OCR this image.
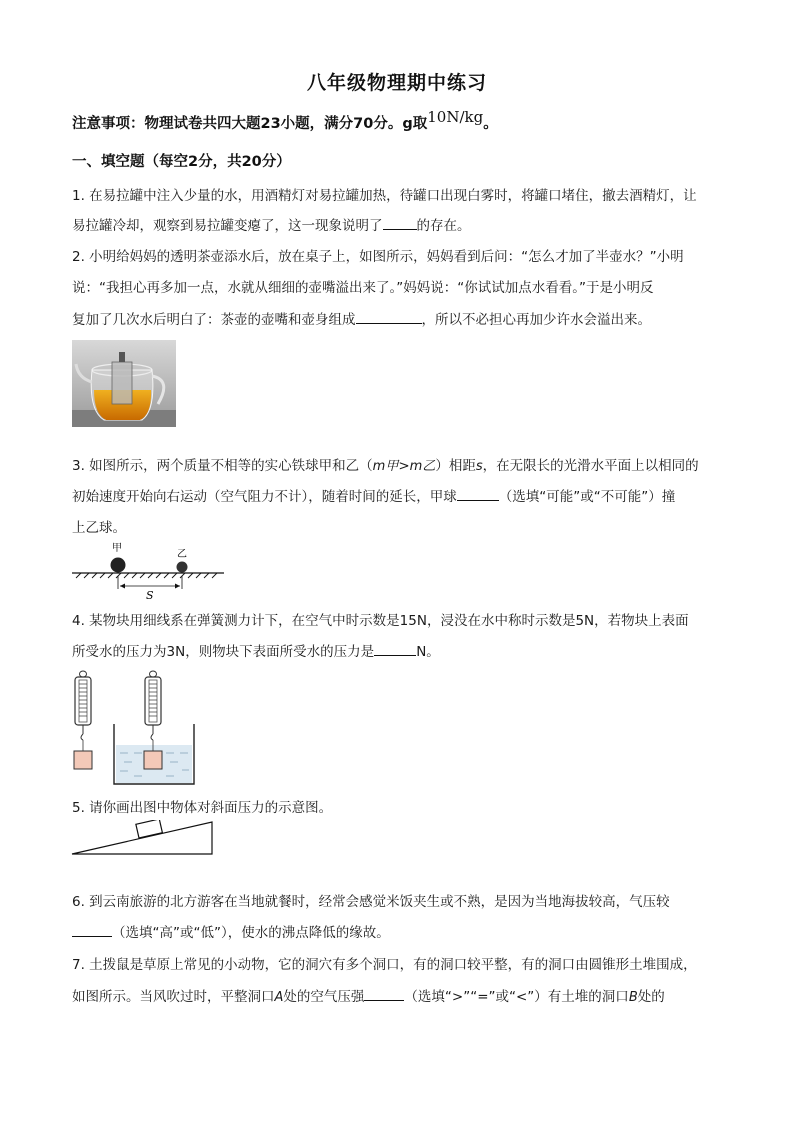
八年级物理期中练习
注意事项：物理试卷共四大题23小题，满分70分。g取10N/kg。
一、填空题（每空2分，共20分）
1. 在易拉罐中注入少量的水，用酒精灯对易拉罐加热，待罐口出现白雾时，将罐口堵住，撤去酒精灯，让
易拉罐冷却，观察到易拉罐变瘪了，这一现象说明了	的存在。
2. 小明给妈妈的透明茶壶添水后，放在桌子上，如图所示，妈妈看到后问：“怎么才加了半壶水？”小明
说：“我担心再多加一点，水就从细细的壶嘴溢出来了。”妈妈说：“你试试加点水看看。”于是小明反
复加了几次水后明白了：茶壶的壶嘴和壶身组成	，所以不必担心再加少许水会溢出来。
3. 如图所示，两个质量不相等的实心铁球甲和乙（m甲>m乙）相距s，在无限长的光滑水平面上以相同的
初始速度开始向右运动（空气阻力不计），随着时间的延长，甲球	（选填“可能”或“不可能”）撞
上乙球。
甲
乙
S
4. 某物块用细线系在弹簧测力计下，在空气中时示数是15N，浸没在水中称时示数是5N，若物块上表面
所受水的压力为3N，则物块下表面所受水的压力是	N。
5. 请你画出图中物体对斜面压力的示意图。
6. 到云南旅游的北方游客在当地就餐时，经常会感觉米饭夹生或不熟，是因为当地海拔较高，气压较
（选填“高”或“低”），使水的沸点降低的缘故。
7. 土拨鼠是草原上常见的小动物，它的洞穴有多个洞口，有的洞口较平整，有的洞口由圆锥形土堆围成，
如图所示。当风吹过时，平整洞口A处的空气压强	（选填“>”“=”或“<”）有土堆的洞口B处的
